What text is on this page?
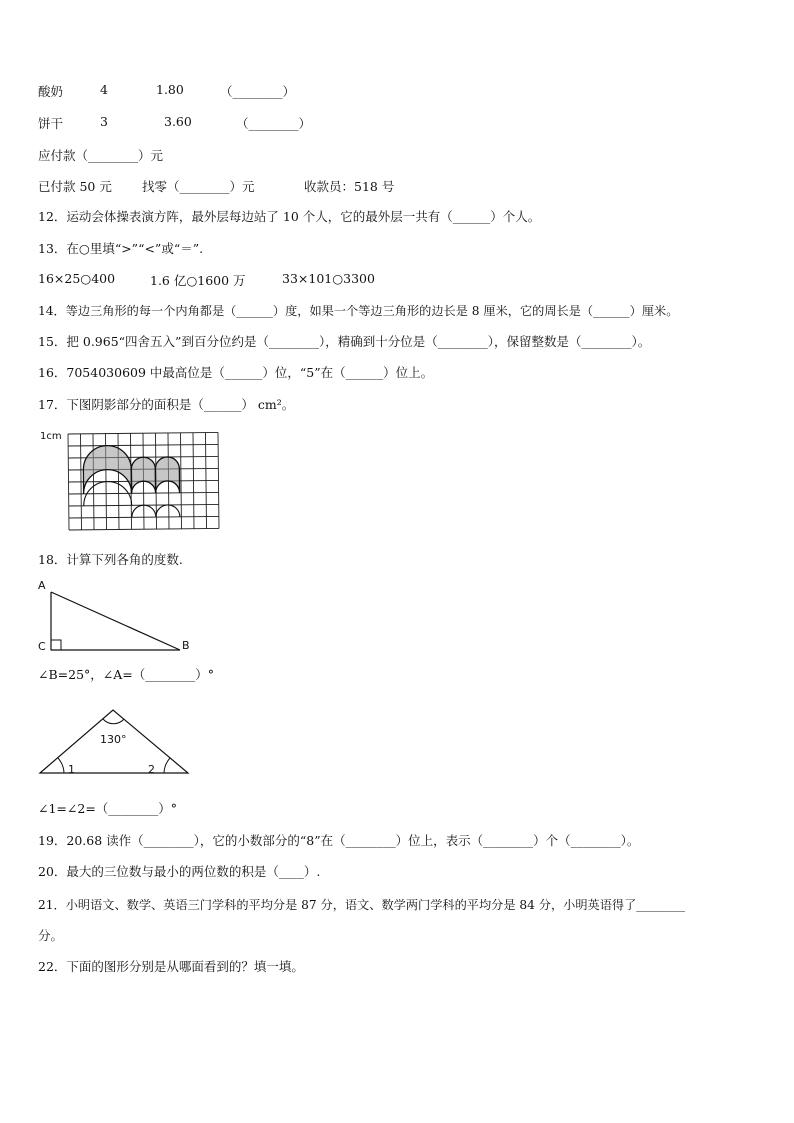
酸奶	4	1.80	（________）
饼干	3	3.60	（________）
应付款（________）元
已付款 50 元 找零（________）元	收款员：518 号
12．运动会体操表演方阵，最外层每边站了 10 个人，它的最外层一共有（______）个人。
13．在○里填“>”“<”或“＝”.
16×25○400	1.6 亿○1600 万	33×101○3300
14．等边三角形的每一个内角都是（______）度，如果一个等边三角形的边长是 8 厘米，它的周长是（______）厘米。
15．把 0.965“四舍五入”到百分位约是（________），精确到十分位是（________），保留整数是（________）。
16．7054030609 中最高位是（______）位，“5”在（______）位上。
17．下图阴影部分的面积是（______） cm²。
1cm
18．计算下列各角的度数.
A
C	B
∠B=25°，∠A=（________）°
130°
1	2
∠1=∠2=（________）°
19．20.68 读作（________），它的小数部分的“8”在（________）位上，表示（________）个（________）。
20．最大的三位数与最小的两位数的积是（____）.
21．小明语文、数学、英语三门学科的平均分是 87 分，语文、数学两门学科的平均分是 84 分，小明英语得了________
分。
22．下面的图形分别是从哪面看到的？填一填。
